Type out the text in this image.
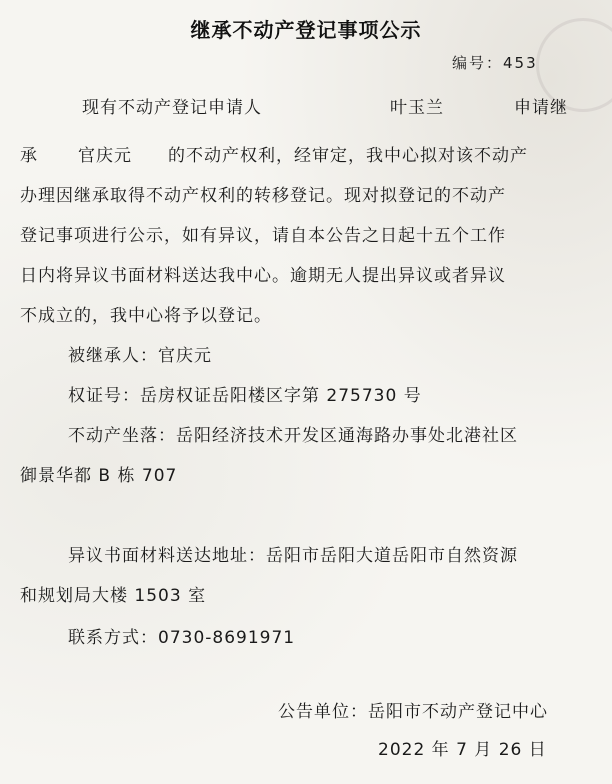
继承不动产登记事项公示
编号：453
现有不动产登记申请人	叶玉兰	申请继
承 官庆元 的不动产权利，经审定，我中心拟对该不动产
办理因继承取得不动产权利的转移登记。现对拟登记的不动产
登记事项进行公示，如有异议，请自本公告之日起十五个工作
日内将异议书面材料送达我中心。逾期无人提出异议或者异议
不成立的，我中心将予以登记。
被继承人：官庆元
权证号：岳房权证岳阳楼区字第 275730 号
不动产坐落：岳阳经济技术开发区通海路办事处北港社区
御景华都 B 栋 707
异议书面材料送达地址：岳阳市岳阳大道岳阳市自然资源
和规划局大楼 1503 室
联系方式：0730-8691971
公告单位：岳阳市不动产登记中心
2022 年 7 月 26 日
